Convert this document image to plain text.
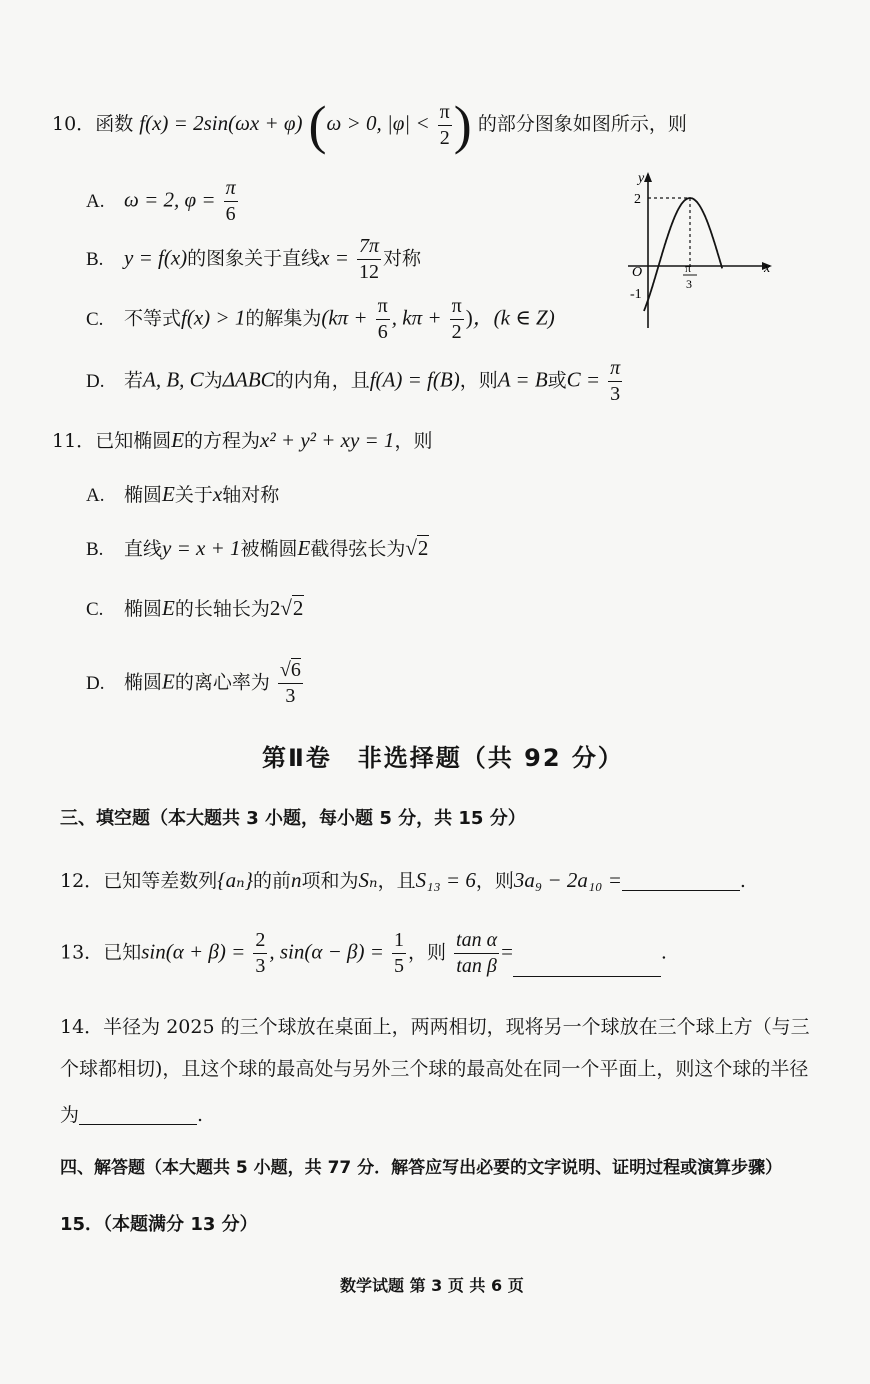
10．函数 f(x) = 2sin(ωx + φ) (ω > 0, $|\varphi| < \frac{\pi}{2}$ ) 的部分图象如图所示，则
A. ω = 2, $\varphi = \frac{\pi}{6}$
B. y = f(x)的图象关于直线$x = \frac{7\pi}{12}$ 对称
C. 不等式f(x) > 1的解集为($k\pi + \frac{\pi}{6}$ , $k\pi + \frac{\pi}{2}$ )，(k ∈ Z)
D. 若A, B, C为ΔABC的内角，且f(A) = f(B)，则A = B或$C = \frac{\pi}{3}$
y
x
O
2
-1
π
3
11．已知椭圆E的方程为x² + y² + xy = 1，则
A. 椭圆E关于x轴对称
B. 直线y = x + 1被椭圆E截得弦长为√2
C. 椭圆E的长轴长为2√2
D. 椭圆E的离心率为 $\frac{√6}{3}$
第Ⅱ卷　非选择题（共 92 分）
三、填空题（本大题共 3 小题，每小题 5 分，共 15 分）
12．已知等差数列{aₙ}的前n项和为Sₙ，且S₁₃ = 6，则3a₉ − 2a₁₀ =	.
13．已知$\sin(\alpha + \beta) = \frac{2}{3}$ , $\sin(\alpha - \beta) = \frac{1}{5}$ ，则 $\frac{\text{tan α}}{\text{tan β}}$ =	.
14．半径为 2025 的三个球放在桌面上，两两相切，现将另一个球放在三个球上方（与三
个球都相切)，且这个球的最高处与另外三个球的最高处在同一个平面上，则这个球的半径
为	.
四、解答题（本大题共 5 小题，共 77 分．解答应写出必要的文字说明、证明过程或演算步骤）
15．（本题满分 13 分）
数学试题 第 3 页 共 6 页
